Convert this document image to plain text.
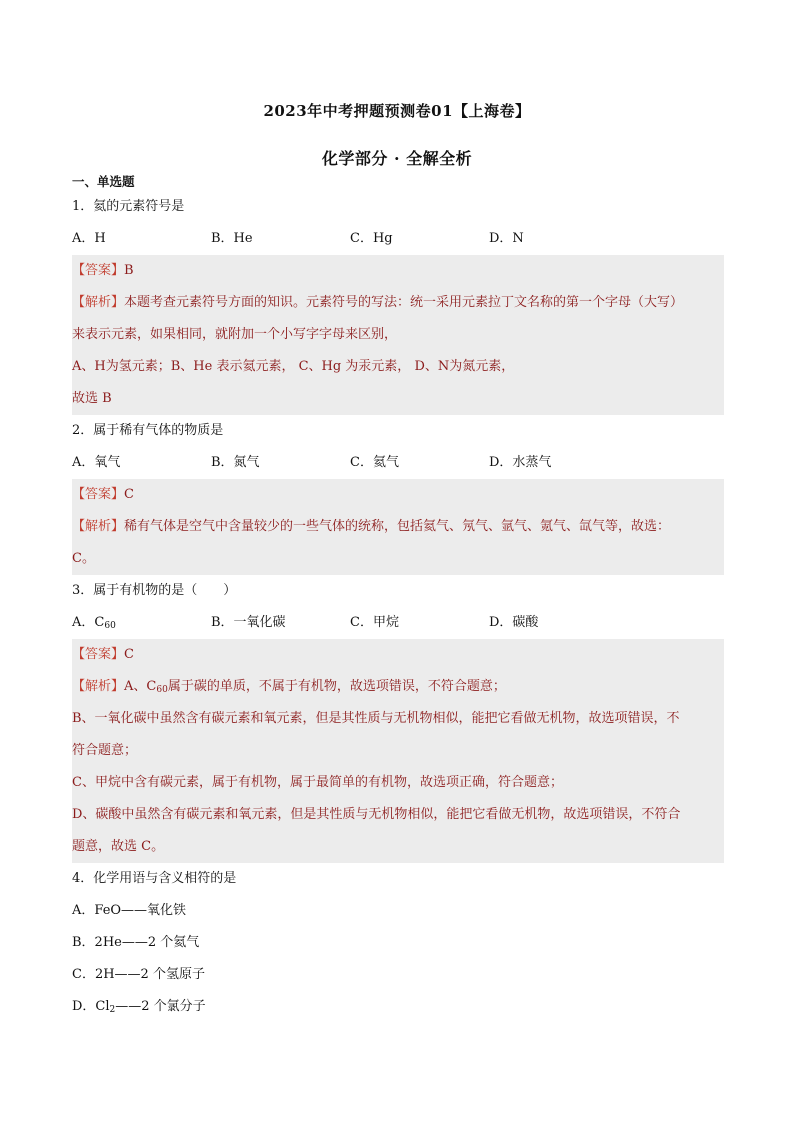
2023年中考押题预测卷01【上海卷】
化学部分 · 全解全析
一、单选题
1．氦的元素符号是
A．H	B．He	C．Hg	D．N
【答案】B
【解析】本题考查元素符号方面的知识。元素符号的写法：统一采用元素拉丁文名称的第一个字母（大写）
来表示元素，如果相同，就附加一个小写字字母来区别，
A、H为氢元素；B、He 表示氦元素， C、Hg 为汞元素， D、N为氮元素，
故选 B
2．属于稀有气体的物质是
A．氧气	B．氮气	C．氦气	D．水蒸气
【答案】C
【解析】稀有气体是空气中含量较少的一些气体的统称，包括氦气、氖气、氩气、氪气、氙气等，故选：
C。
3．属于有机物的是（　　）
A．$C_{60}$	B．一氧化碳	C．甲烷	D．碳酸
【答案】C
【解析】A、$C_{60}$属于碳的单质，不属于有机物，故选项错误，不符合题意；
B、一氧化碳中虽然含有碳元素和氧元素，但是其性质与无机物相似，能把它看做无机物，故选项错误，不
符合题意；
C、甲烷中含有碳元素，属于有机物，属于最简单的有机物，故选项正确，符合题意；
D、碳酸中虽然含有碳元素和氧元素，但是其性质与无机物相似，能把它看做无机物，故选项错误，不符合
题意，故选 C。
4．化学用语与含义相符的是
A．FeO——氧化铁
B．2He——2 个氦气
C．2H——2 个氢原子
D．$Cl_2——2$ 个氯分子
